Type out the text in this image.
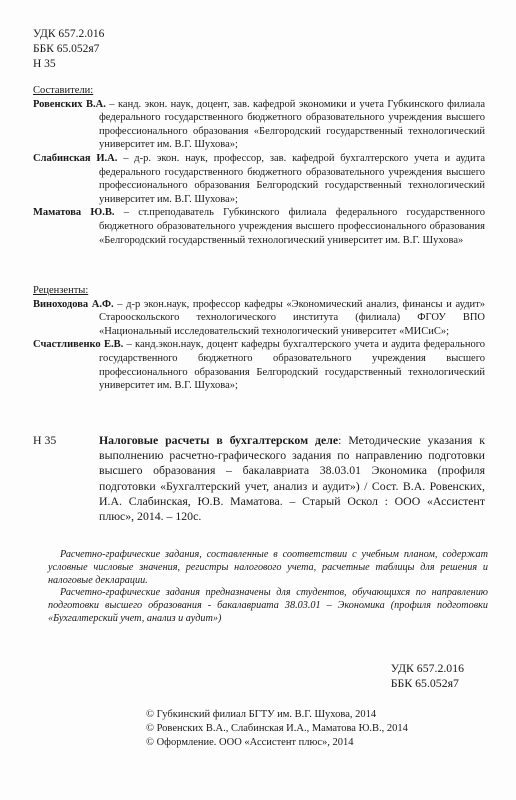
УДК 657.2.016
ББК 65.052я7
Н 35
Составители:

Ровенских В.А. – канд. экон. наук, доцент, зав. кафедрой экономики и учета Губкинского филиала федерального государственного бюджетного образовательного учреждения высшего профессионального образования «Белгородский государственный технологический университет им. В.Г. Шухова»;

Слабинская И.А. – д-р. экон. наук, профессор, зав. кафедрой бухгалтерского учета и аудита федерального государственного бюджетного образовательного учреждения высшего профессионального образования Белгородский государственный технологический университет им. В.Г. Шухова»;

Маматова Ю.В. – ст.преподаватель Губкинского филиала федерального государственного бюджетного образовательного учреждения высшего профессионального образования «Белгородский государственный технологический университет им. В.Г. Шухова»

Рецензенты:

Виноходова А.Ф. – д-р экон.наук, профессор кафедры «Экономический анализ, финансы и аудит» Старооскольского технологического института (филиала) ФГОУ ВПО «Национальный исследовательский технологический университет «МИСиС»;

Счастливенко Е.В. – канд.экон.наук, доцент кафедры бухгалтерского учета и аудита федерального государственного бюджетного образовательного учреждения высшего профессионального образования Белгородский государственный технологический университет им. В.Г. Шухова»;

Н 35	Налоговые расчеты в бухгалтерском деле: Методические указания к выполнению расчетно-графического задания по направлению подготовки высшего образования – бакалавриата 38.03.01 Экономика (профиля подготовки «Бухгалтерский учет, анализ и аудит») / Сост. В.А. Ровенских, И.А. Слабинская, Ю.В. Маматова. – Старый Оскол : ООО «Ассистент плюс», 2014. – 120с.

Расчетно-графические задания, составленные в соответствии с учебным планом, содержат условные числовые значения, регистры налогового учета, расчетные таблицы для решения и налоговые декларации.

Расчетно-графические задания предназначены для студентов, обучающихся по направлению подготовки высшего образования - бакалавриата 38.03.01 – Экономика (профиля подготовки «Бухгалтерский учет, анализ и аудит»)

УДК 657.2.016
ББК 65.052я7
© Губкинский филиал БГТУ им. В.Г. Шухова, 2014
© Ровенских В.А., Слабинская И.А., Маматова Ю.В., 2014
© Оформление. ООО «Ассистент плюс», 2014
